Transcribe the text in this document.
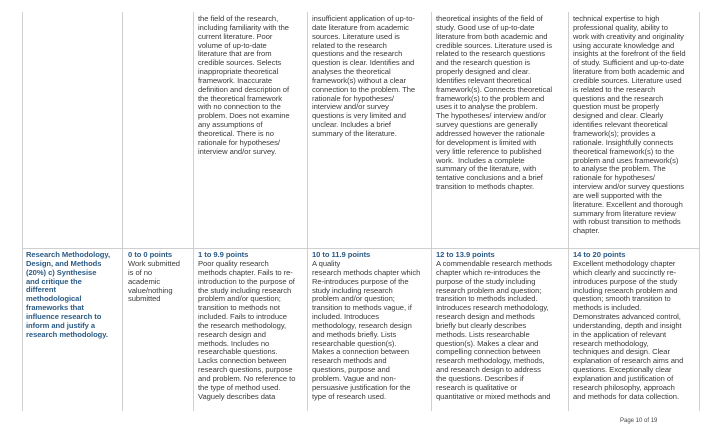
the field of the research,
including familiarity with the
current literature. Poor
volume of up-to-date
literature that are from
credible sources. Selects
inappropriate theoretical
framework. Inaccurate
definition and description of
the theoretical framework
with no connection to the
problem. Does not examine
any assumptions of
theoretical. There is no
rationale for hypotheses/
interview and/or survey.
insufficient application of up-to-
date literature from academic
sources. Literature used is
related to the research
questions and the research
question is clear. Identifies and
analyses the theoretical
framework(s) without a clear
connection to the problem. The
rationale for hypotheses/
interview and/or survey
questions is very limited and
unclear. Includes a brief
summary of the literature.
theoretical insights of the field of
study. Good use of up-to-date
literature from both academic and
credible sources. Literature used is
related to the research questions
and the research question is
properly designed and clear.
Identifies relevant theoretical
framework(s). Connects theoretical
framework(s) to the problem and
uses it to analyse the problem.
The hypotheses/ interview and/or
survey questions are generally
addressed however the rationale
for development is limited with
very little reference to published
work.  Includes a complete
summary of the literature, with
tentative conclusions and a brief
transition to methods chapter.
technical expertise to high
professional quality, ability to
work with creativity and originality
using accurate knowledge and
insights at the forefront of the field
of study. Sufficient and up-to-date
literature from both academic and
credible sources. Literature used
is related to the research
questions and the research
question must be properly
designed and clear. Clearly
identifies relevant theoretical
framework(s); provides a
rationale. Insightfully connects
theoretical framework(s) to the
problem and uses framework(s)
to analyse the problem. The
rationale for hypotheses/
interview and/or survey questions
are well supported with the
literature. Excellent and thorough
summary from literature review
with robust transition to methods
chapter.
Research Methodology,
Design, and Methods
(20%) c) Synthesise
and critique the
different
methodological
frameworks that
influence research to
inform and justify a
research methodology.
0 to 0 points
Work submitted
is of no
academic
value/nothing
submitted
1 to 9.9 points
Poor quality research
methods chapter. Fails to re-
introduction to the purpose of
the study including research
problem and/or question;
transition to methods not
included. Fails to introduce
the research methodology,
research design and
methods. Includes no
researchable questions.
Lacks connection between
research questions, purpose
and problem. No reference to
the type of method used.
Vaguely describes data
10 to 11.9 points
A quality
research methods chapter which
Re-introduces purpose of the
study including research
problem and/or question;
transition to methods vague, if
included. Introduces
methodology, research design
and methods briefly. Lists
researchable question(s).
Makes a connection between
research methods and
questions, purpose and
problem. Vague and non-
persuasive justification for the
type of research used.
12 to 13.9 points
A commendable research methods
chapter which re-introduces the
purpose of the study including
research problem and question;
transition to methods included.
Introduces research methodology,
research design and methods
briefly but clearly describes
methods. Lists researchable
question(s). Makes a clear and
compelling connection between
research methodology, methods,
and research design to address
the questions. Describes if
research is qualitative or
quantitative or mixed methods and
14 to 20 points
Excellent methodology chapter
which clearly and succinctly re-
introduces purpose of the study
including research problem and
question; smooth transition to
methods is included.
Demonstrates advanced control,
understanding, depth and insight
in the application of relevant
research methodology,
techniques and design. Clear
explanation of research aims and
questions. Exceptionally clear
explanation and justification of
research philosophy, approach
and methods for data collection.
Page 10 of 19
